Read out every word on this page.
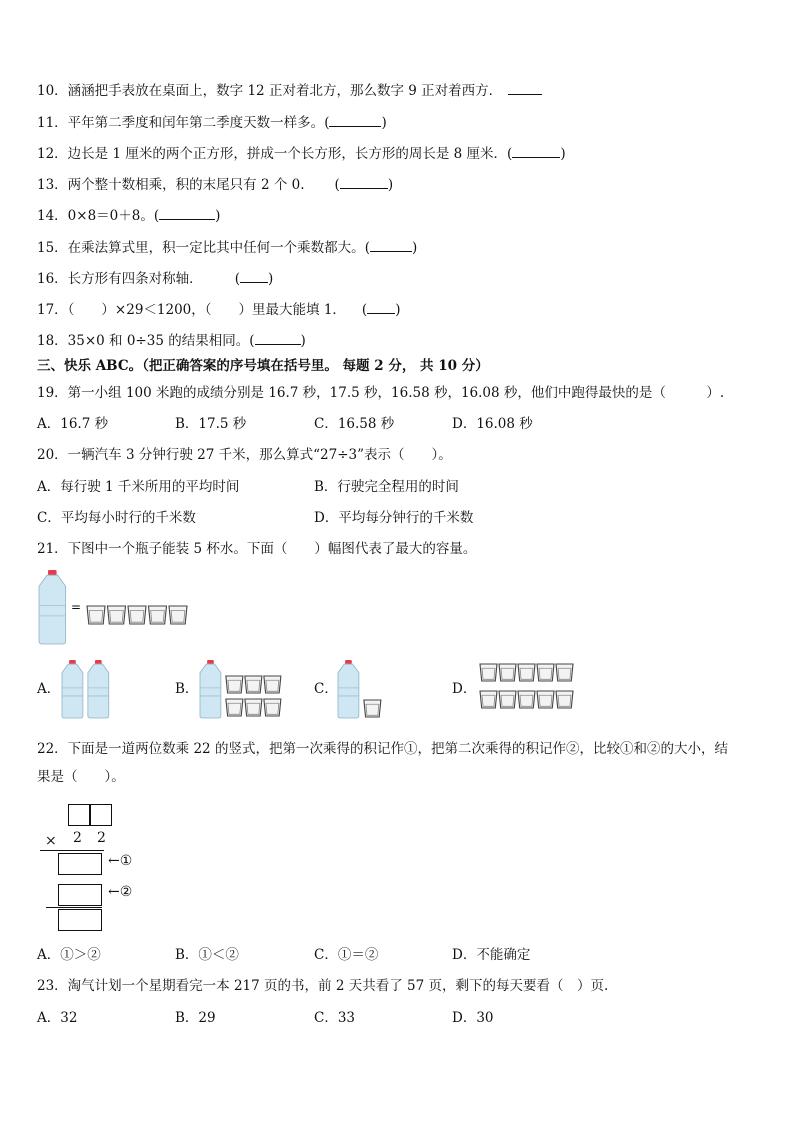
10．涵涵把手表放在桌面上，数字 12 正对着北方，那么数字 9 正对着西方．
11．平年第二季度和闰年第二季度天数一样多。(	)
12．边长是 1 厘米的两个正方形，拼成一个长方形，长方形的周长是 8 厘米．(	)
13．两个整十数相乘，积的末尾只有 2 个 0. (	)
14．0×8＝0＋8。(	)
15．在乘法算式里，积一定比其中任何一个乘数都大。(	)
16．长方形有四条对称轴． ( )
17．（　　）×29＜1200，（　　）里最大能填 1． ( )
18．35×0 和 0÷35 的结果相同。(	)
三、快乐 ABC。（把正确答案的序号填在括号里。 每题 2 分， 共 10 分）
19．第一小组 100 米跑的成绩分别是 16.7 秒，17.5 秒，16.58 秒，16.08 秒，他们中跑得最快的是（　　　）.
A．16.7 秒	B．17.5 秒	C．16.58 秒	D．16.08 秒
20．一辆汽车 3 分钟行驶 27 千米，那么算式“27÷3”表示（　　）。
A．每行驶 1 千米所用的平均时间	B．行驶完全程用的时间
C．平均每小时行的千米数	D．平均每分钟行的千米数
21．下图中一个瓶子能装 5 杯水。下面（　　）幅图代表了最大的容量。
=
A．	B．	C．	D．
22．下面是一道两位数乘 22 的竖式，把第一次乘得的积记作①，把第二次乘得的积记作②，比较①和②的大小，结
果是（　　）。
× 2 2
←①
←②
A．①＞②	B．①＜②	C．①＝②	D．不能确定
23．淘气计划一个星期看完一本 217 页的书，前 2 天共看了 57 页，剩下的每天要看（　）页.
A．32	B．29	C．33	D．30
